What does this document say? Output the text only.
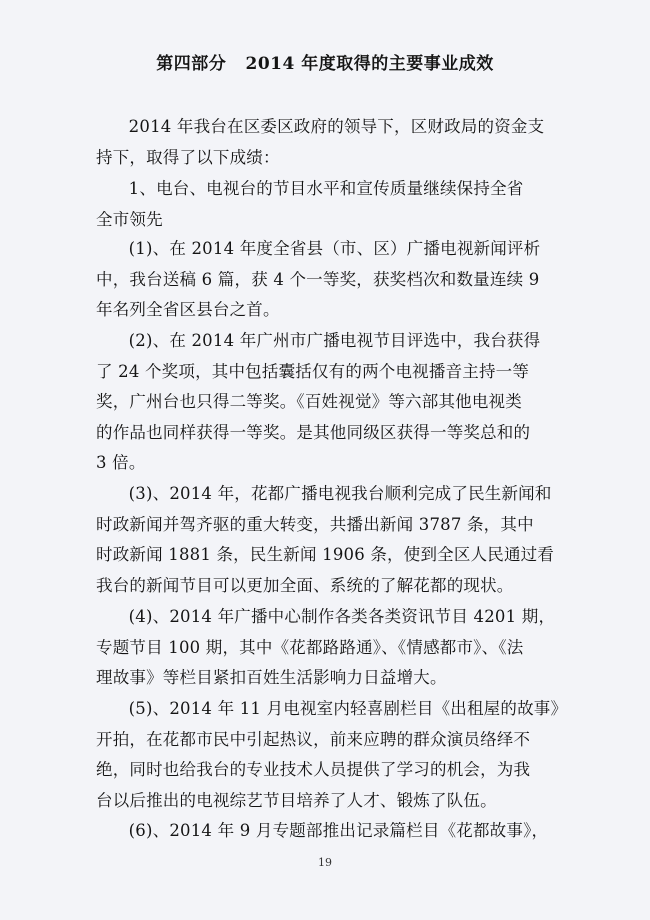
第四部分   2014 年度取得的主要事业成效
2014 年我台在区委区政府的领导下，区财政局的资金支
持下，取得了以下成绩：
1、电台、电视台的节目水平和宣传质量继续保持全省
全市领先
(1)、在 2014 年度全省县（市、区）广播电视新闻评析
中，我台送稿 6 篇，获 4 个一等奖，获奖档次和数量连续 9
年名列全省区县台之首。
(2)、在 2014 年广州市广播电视节目评选中，我台获得
了 24 个奖项，其中包括囊括仅有的两个电视播音主持一等
奖，广州台也只得二等奖。《百姓视觉》等六部其他电视类
的作品也同样获得一等奖。是其他同级区获得一等奖总和的
3 倍。
(3)、2014 年，花都广播电视我台顺利完成了民生新闻和
时政新闻并驾齐驱的重大转变，共播出新闻 3787 条，其中
时政新闻 1881 条，民生新闻 1906 条，使到全区人民通过看
我台的新闻节目可以更加全面、系统的了解花都的现状。
(4)、2014 年广播中心制作各类各类资讯节目 4201 期，
专题节目 100 期，其中《花都路路通》、《情感都市》、《法
理故事》等栏目紧扣百姓生活影响力日益增大。
(5)、2014 年 11 月电视室内轻喜剧栏目《出租屋的故事》
开拍，在花都市民中引起热议，前来应聘的群众演员络绎不
绝，同时也给我台的专业技术人员提供了学习的机会，为我
台以后推出的电视综艺节目培养了人才、锻炼了队伍。
(6)、2014 年 9 月专题部推出记录篇栏目《花都故事》，
19
